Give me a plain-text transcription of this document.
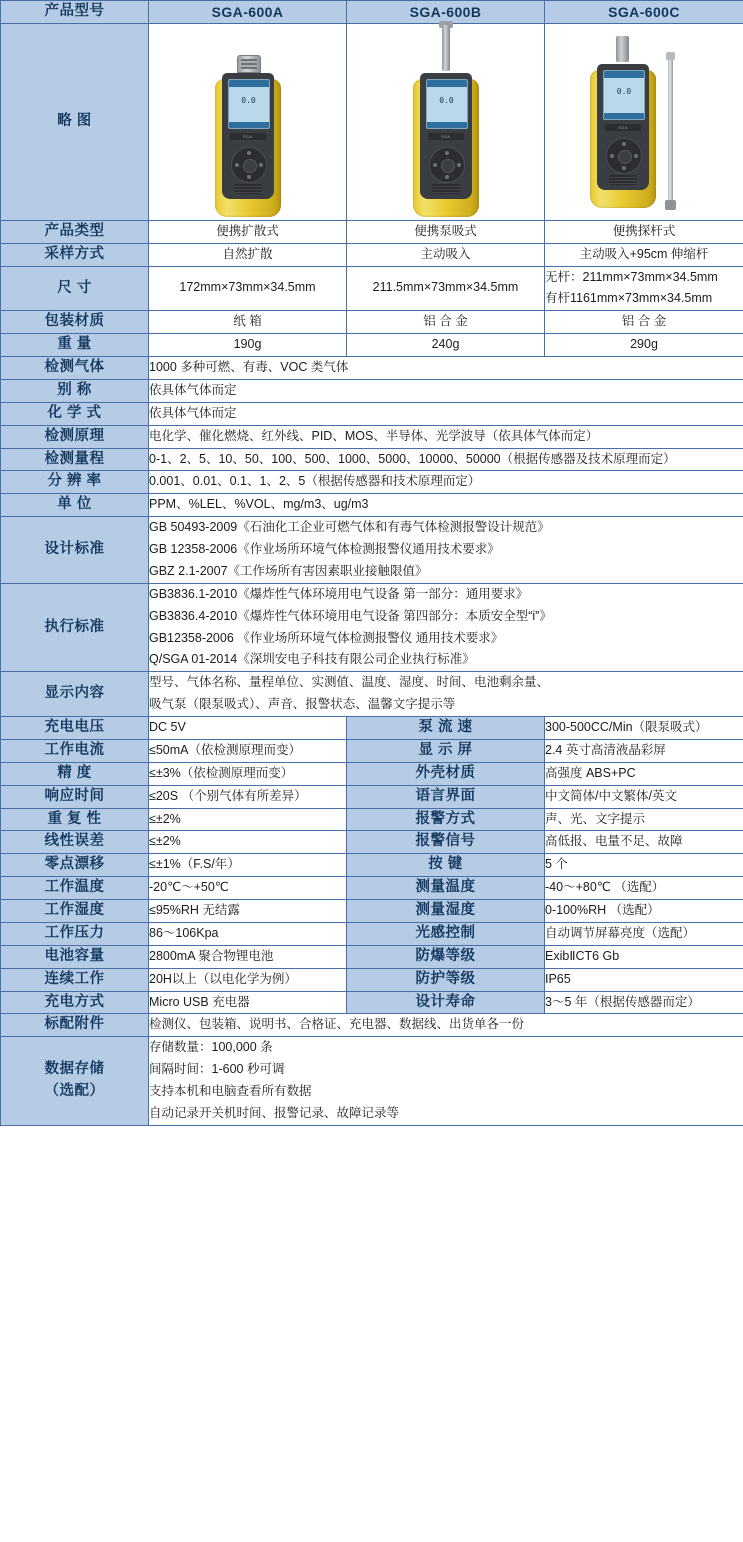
产品型号	SGA-600A	SGA-600B	SGA-600C
略 图	
0.0
SGA

0.0
SGA

0.0
SGA

产品类型	便携扩散式	便携泵吸式	便携探杆式
采样方式	自然扩散	主动吸入	主动吸入+95cm 伸缩杆
尺 寸	172mm×73mm×34.5mm	211.5mm×73mm×34.5mm	无杆：211mm×73mm×34.5mm
有杆1161mm×73mm×34.5mm

包装材质	纸 箱	铝 合 金	铝 合 金
重 量	190g	240g	290g
检测气体	1000 多种可燃、有毒、VOC 类气体		
别 称	依具体气体而定		
化 学 式	依具体气体而定		
检测原理	电化学、催化燃烧、红外线、PID、MOS、半导体、光学波导（依具体气体而定）		
检测量程	0-1、2、5、10、50、100、500、1000、5000、10000、50000（根据传感器及技术原理而定）		
分 辨 率	0.001、0.01、0.1、1、2、5（根据传感器和技术原理而定）		
单 位	PPM、%LEL、%VOL、mg/m3、ug/m3		
设计标准	GB 50493-2009《石油化工企业可燃气体和有毒气体检测报警设计规范》
GB 12358-2006《作业场所环境气体检测报警仪通用技术要求》
GBZ 2.1-2007《工作场所有害因素职业接触限值》		

执行标准	GB3836.1-2010《爆炸性气体环境用电气设备 第一部分：通用要求》
GB3836.4-2010《爆炸性气体环境用电气设备 第四部分：本质安全型“i”》
GB12358-2006 《作业场所环境气体检测报警仪 通用技术要求》
Q/SGA 01-2014《深圳安电子科技有限公司企业执行标准》		

显示内容	型号、气体名称、量程单位、实测值、温度、湿度、时间、电池剩余量、
吸气泵（限泵吸式）、声音、报警状态、温馨文字提示等		

充电电压	DC 5V	泵 流 速	300-500CC/Min（限泵吸式）
工作电流	≤50mA（依检测原理而变）	显 示 屏	2.4 英寸高清液晶彩屏
精 度	≤±3%（依检测原理而变）	外壳材质	高强度 ABS+PC
响应时间	≤20S （个别气体有所差异）	语言界面	中文简体/中文繁体/英文
重 复 性	≤±2%	报警方式	声、光、文字提示
线性误差	≤±2%	报警信号	高低报、电量不足、故障
零点漂移	≤±1%（F.S/年）	按 键	5 个
工作温度	-20℃～+50℃	测量温度	-40～+80℃ （选配）
工作湿度	≤95%RH 无结露	测量湿度	0-100%RH （选配）
工作压力	86～106Kpa	光感控制	自动调节屏幕亮度（选配）
电池容量	2800mA 聚合物锂电池	防爆等级	ExibⅡCT6 Gb
连续工作	20H以上（以电化学为例）	防护等级	IP65
充电方式	Micro USB 充电器	设计寿命	3～5 年（根据传感器而定）
标配附件	检测仪、包装箱、说明书、合格证、充电器、数据线、出货单各一份		

数据存储
（选配）

存储数量：100,000 条
间隔时间：1-600 秒可调
支持本机和电脑查看所有数据
自动记录开关机时间、报警记录、故障记录等
